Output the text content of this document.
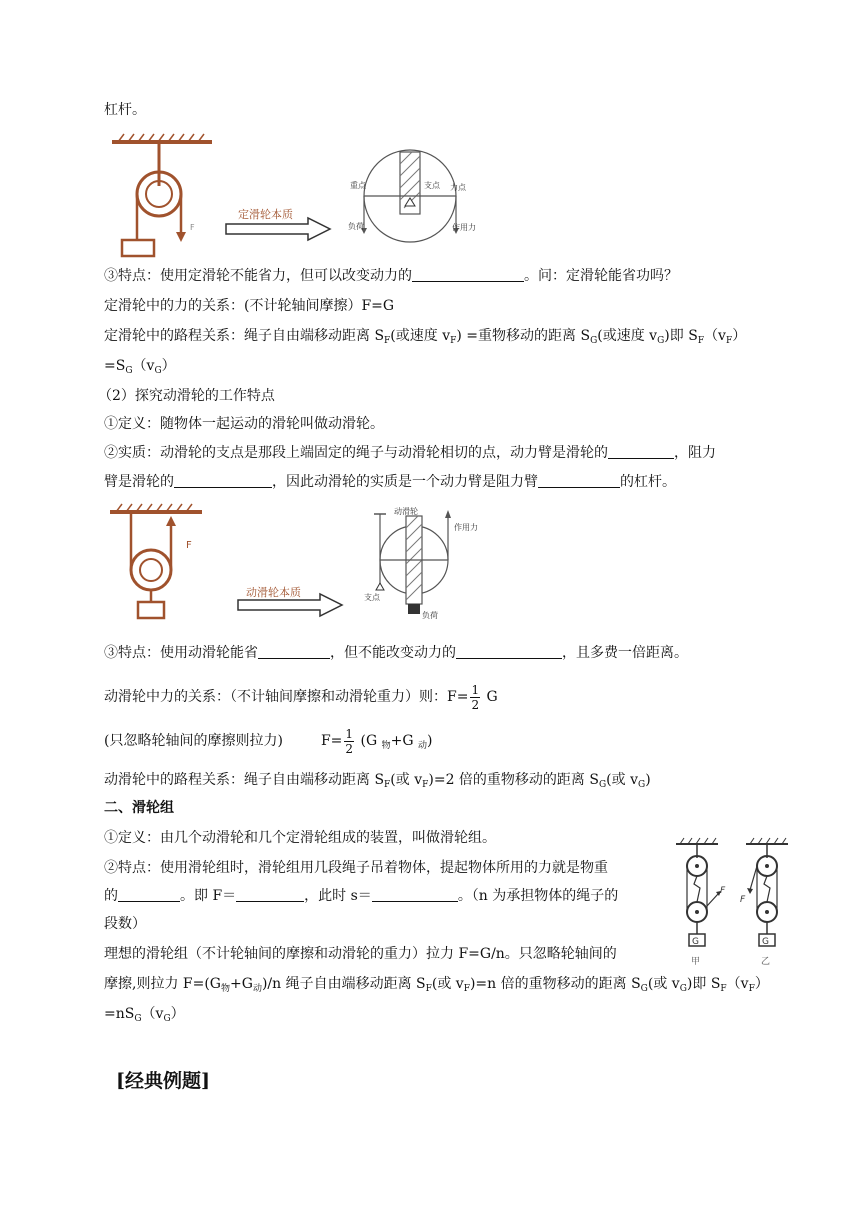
杠杆。
F
定滑轮本质
重点	支点 力点
负荷	作用力
③特点：使用定滑轮不能省力，但可以改变动力的	。问：定滑轮能省功吗？
定滑轮中的力的关系：(不计轮轴间摩擦）F=G
定滑轮中的路程关系：绳子自由端移动距离 $S_F$(或速度 $v_F$) =重物移动的距离 $S_G$(或速度 $v_G$)即 $S_F(v_F)$
$=S_G(v_G)$
（2）探究动滑轮的工作特点
①定义：随物体一起运动的滑轮叫做动滑轮。
②实质：动滑轮的支点是那段上端固定的绳子与动滑轮相切的点，动力臂是滑轮的	，阻力
臂是滑轮的	，因此动滑轮的实质是一个动力臂是阻力臂	的杠杆。
F
动滑轮本质
动滑轮
作用力
支点
负荷
③特点：使用动滑轮能省	，但不能改变动力的	，且多费一倍距离。
动滑轮中力的关系：（不计轴间摩擦和动滑轮重力）则：$F= \frac{1}{2}$ G
(只忽略轮轴间的摩擦则拉力)	$F= \frac{1}{2} (G$ $_物$+G $_动$)
动滑轮中的路程关系：绳子自由端移动距离 $S_F$(或 $v_F)=2$ 倍的重物移动的距离 $S_G$(或 $v_G$)
二、滑轮组
①定义：由几个动滑轮和几个定滑轮组成的装置，叫做滑轮组。
②特点：使用滑轮组时，滑轮组用几段绳子吊着物体，提起物体所用的力就是物重
的	。即 F＝	，此时 s＝	。（n 为承担物体的绳子的
段数）
理想的滑轮组（不计轮轴间的摩擦和动滑轮的重力）拉力 F=G/n。只忽略轮轴间的
摩擦,则拉力 $F=(G_物+G_动)/n$ 绳子自由端移动距离 $S_F$(或 $v_F)=n$ 倍的重物移动的距离 $S_G$(或 $v_G$)即 $S_F(v_F)$
$=nS_G(v_G)$
G
F
甲
G
F
乙
[经典例题]
